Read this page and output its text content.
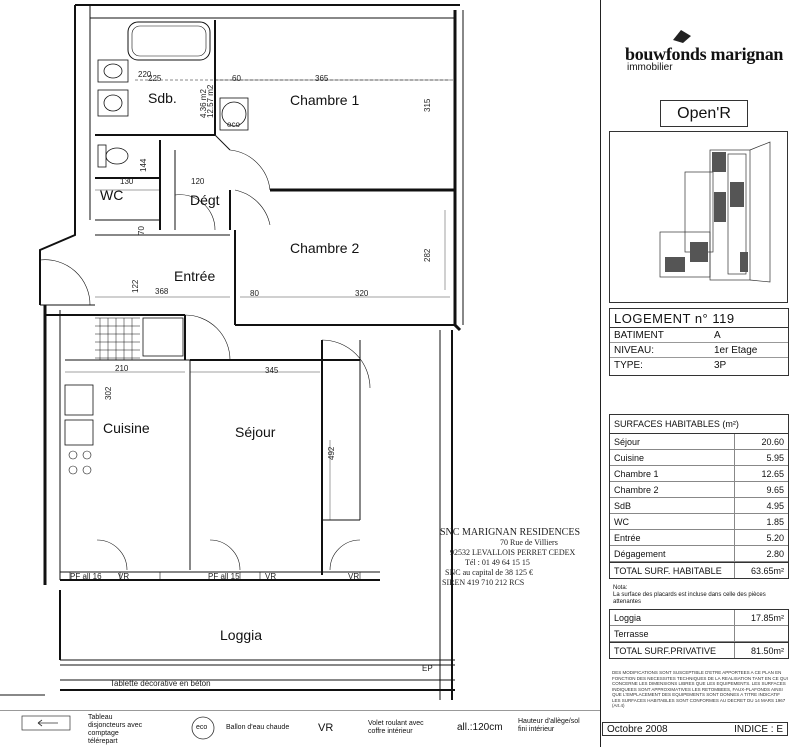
Sdb.	Chambre 1
WC	Dégt
Chambre 2
Entrée
Cuisine	Séjour
Loggia
220
225	60	365
4.36 m2
12.57 m2	315
130
144
120
70
122 368	80	320
282
210	345
302
492
eco
PF all 16 VR	PF all 15	VR	VR
Tablette décorative en béton
EP
SNC MARIGNAN RESIDENCES
70 Rue de Villiers
92532 LEVALLOIS PERRET CEDEX
Tél : 01 49 64 15 15
SNC au capital de 38 125 €
SIREN 419 710 212 RCS
bouwfonds marignan
immobilier
Open'R
LOGEMENT n° 119
BATIMENT	A
NIVEAU:	1er Etage
TYPE:	3P
SURFACES HABITABLES (m²)
Séjour	20.60
Cuisine	5.95
Chambre 1	12.65
Chambre 2	9.65
SdB	4.95
WC	1.85
Entrée	5.20
Dégagement	2.80
TOTAL SURF. HABITABLE	63.65m²
Nota:
La surface des placards est incluse dans celle des pièces attenantes
Loggia	17.85m²
Terrasse
TOTAL SURF.PRIVATIVE	81.50m²
DES MODIFICATIONS SONT SUSCEPTIBLE D'ETRE APPORTEES A CE PLAN EN FONCTION DES NECESSITES TECHNIQUES DE LA REALISATION TANT EN CE QUI CONCERNE LES DIMENSIONS LIBRES QUE LES EQUIPEMENTS. LES SURFACES INDIQUEES SONT APPROXIMATIVES LES RETOMBEES, FAUX-PLAFONDS AINSI QUE L'EMPLACEMENT DES EQUIPEMENTS SONT DONNES A TITRE INDICATIF LES SURFACES HABITABLES SONT CONFORMES AU DECRET DU 14 MARS 1967 (Art.4)
Octobre 2008	INDICE : E
Tableau disjoncteurs avec comptage télérepart
eco	Ballon d'eau chaude	VR	Volet roulant avec coffre intérieur	all.:120cm
Hauteur d'allège/sol fini intérieur
